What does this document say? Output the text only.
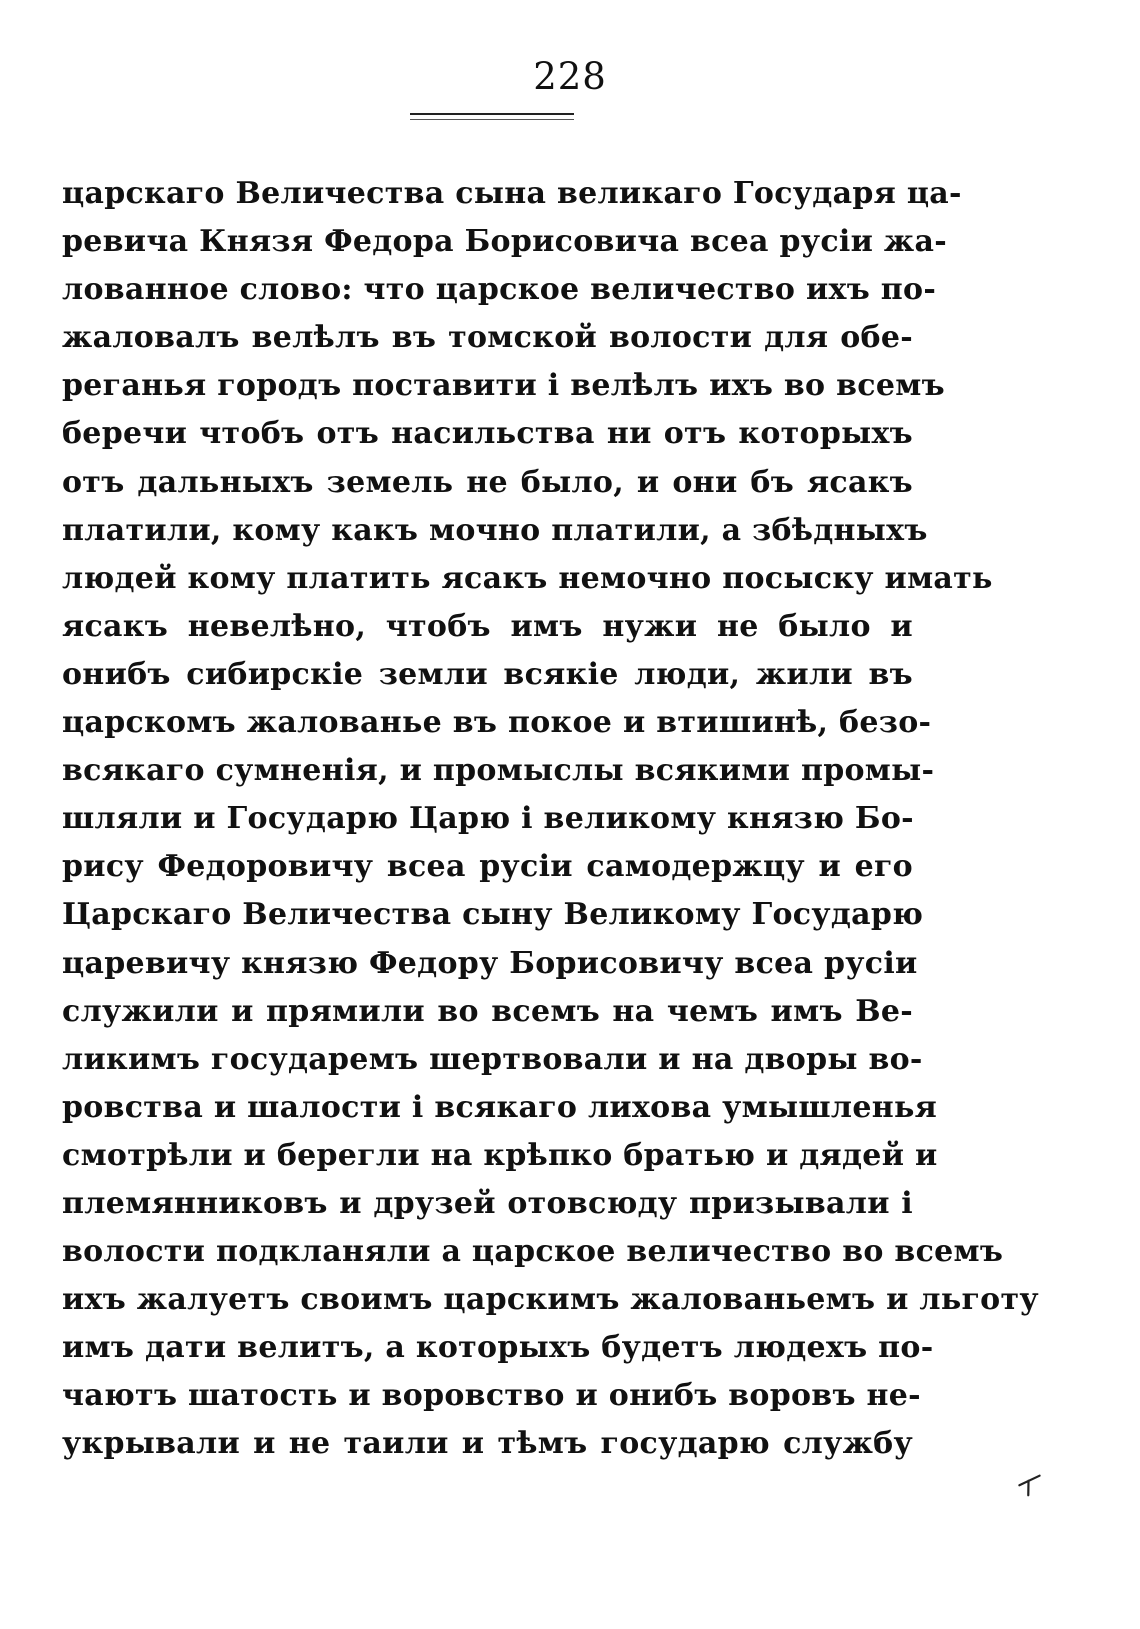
228
царскаго Величества сына великаго Государя ца-
ревича Князя Федора Борисовича всеа русіи жа-
лованное слово: что царское величество ихъ по-
жаловалъ велѣлъ въ томской волости для обе-
реганья городъ поставити і велѣлъ ихъ во всемъ
беречи чтобъ отъ насильства ни отъ которыхъ
отъ дальныхъ земель не было, и они бъ ясакъ
платили, кому какъ мочно платили, а збѣдныхъ
людей кому платить ясакъ немочно посыску имать
ясакъ невелѣно, чтобъ имъ нужи не было и
онибъ сибирскіе земли всякіе люди, жили въ
царскомъ жалованье въ покое и втишинѣ, безо-
всякаго сумненія, и промыслы всякими промы-
шляли и Государю Царю і великому князю Бо-
рису Федоровичу всеа русіи самодержцу и его
Царскаго Величества сыну Великому Государю
царевичу князю Федору Борисовичу всеа русіи
служили и прямили во всемъ на чемъ имъ Ве-
ликимъ государемъ шертвовали и на дворы во-
ровства и шалости і всякаго лихова умышленья
смотрѣли и берегли на крѣпко братью и дядей и
племянниковъ и друзей отовсюду призывали і
волости подкланяли а царское величество во всемъ
ихъ жалуетъ своимъ царскимъ жалованьемъ и льготу
имъ дати велитъ, а которыхъ будетъ людехъ по-
чаютъ шатость и воровство и онибъ воровъ не-
укрывали и не таили и тѣмъ государю службу
